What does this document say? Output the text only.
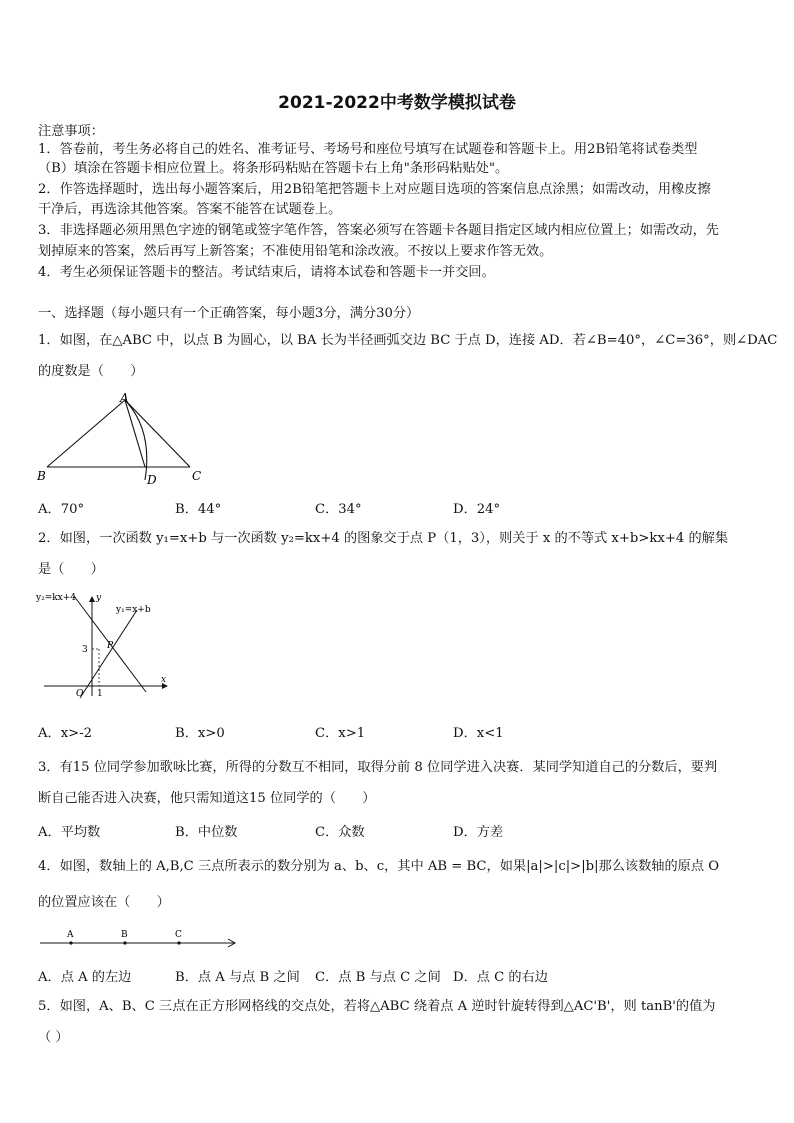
2021-2022中考数学模拟试卷
注意事项：
1．答卷前，考生务必将自己的姓名、准考证号、考场号和座位号填写在试题卷和答题卡上。用2B铅笔将试卷类型
（B）填涂在答题卡相应位置上。将条形码粘贴在答题卡右上角"条形码粘贴处"。
2．作答选择题时，选出每小题答案后，用2B铅笔把答题卡上对应题目选项的答案信息点涂黑；如需改动，用橡皮擦
干净后，再选涂其他答案。答案不能答在试题卷上。
3．非选择题必须用黑色字迹的钢笔或签字笔作答，答案必须写在答题卡各题目指定区域内相应位置上；如需改动，先
划掉原来的答案，然后再写上新答案；不准使用铅笔和涂改液。不按以上要求作答无效。
4．考生必须保证答题卡的整洁。考试结束后，请将本试卷和答题卡一并交回。
一、选择题（每小题只有一个正确答案，每小题3分，满分30分）
1．如图，在△ABC 中，以点 B 为圆心，以 BA 长为半径画弧交边 BC 于点 D，连接 AD．若∠B=40°，∠C=36°，则∠DAC
的度数是（　　）
A
B	C
D
A．70°	B．44°	C．34°	D．24°
2．如图，一次函数 y₁=x+b 与一次函数 y₂=kx+4 的图象交于点 P（1，3），则关于 x 的不等式 x+b>kx+4 的解集
是（　　）
y₂=kx+4 y
y₁=x+b
P
3
O 1
x
A．x>-2	B．x>0	C．x>1	D．x<1
3．有15 位同学参加歌咏比赛，所得的分数互不相同，取得分前 8 位同学进入决赛．某同学知道自己的分数后，要判
断自己能否进入决赛，他只需知道这15 位同学的（　　）
A．平均数	B．中位数	C．众数	D．方差
4．如图，数轴上的 A,B,C 三点所表示的数分别为 a、b、c，其中 AB = BC，如果|a|>|c|>|b|那么该数轴的原点 O
的位置应该在（　　）
A	B	C
A．点 A 的左边	B．点 A 与点 B 之间 C．点 B 与点 C 之间 D．点 C 的右边
5．如图，A、B、C 三点在正方形网格线的交点处，若将△ABC 绕着点 A 逆时针旋转得到△AC'B'，则 tanB'的值为
（ ）
